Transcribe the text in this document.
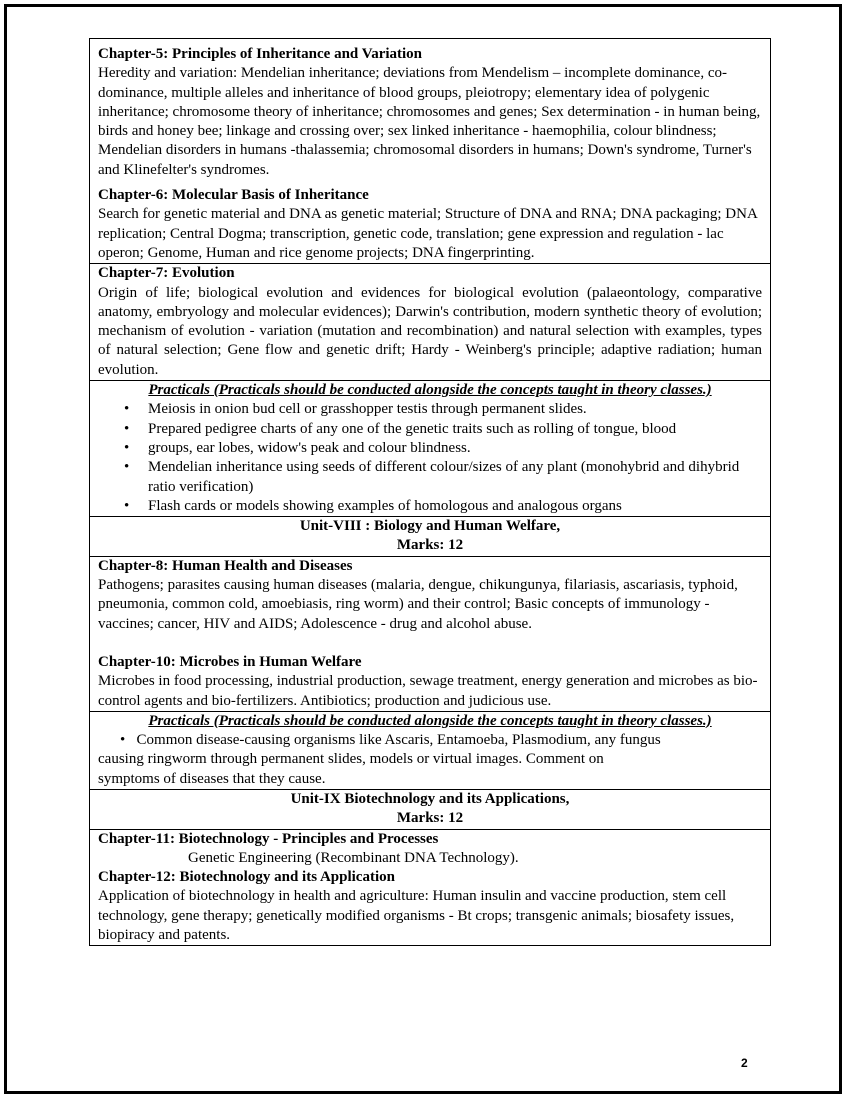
Chapter-5: Principles of Inheritance and Variation
Heredity and variation: Mendelian inheritance; deviations from Mendelism – incomplete dominance, co-dominance, multiple alleles and inheritance of blood groups, pleiotropy; elementary idea of polygenic inheritance; chromosome theory of inheritance; chromosomes and genes; Sex determination - in human being, birds and honey bee; linkage and crossing over; sex linked inheritance - haemophilia, colour blindness; Mendelian disorders in humans -thalassemia; chromosomal disorders in humans; Down's syndrome, Turner's and Klinefelter's syndromes.
Chapter-6: Molecular Basis of Inheritance
Search for genetic material and DNA as genetic material; Structure of DNA and RNA; DNA packaging; DNA replication; Central Dogma; transcription, genetic code, translation; gene expression and regulation - lac operon; Genome, Human and rice genome projects; DNA fingerprinting.

Chapter-7: Evolution
Origin of life; biological evolution and evidences for biological evolution (palaeontology, comparative anatomy, embryology and molecular evidences); Darwin's contribution, modern synthetic theory of evolution; mechanism of evolution - variation (mutation and recombination) and natural selection with examples, types of natural selection; Gene flow and genetic drift; Hardy - Weinberg's principle; adaptive radiation; human evolution.

Practicals (Practicals should be conducted alongside the concepts taught in theory classes.)
• Meiosis in onion bud cell or grasshopper testis through permanent slides.
• Prepared pedigree charts of any one of the genetic traits such as rolling of tongue, blood
• groups, ear lobes, widow's peak and colour blindness.
• Mendelian inheritance using seeds of different colour/sizes of any plant (monohybrid and dihybrid ratio verification)
• Flash cards or models showing examples of homologous and analogous organs

Unit-VIII : Biology and Human Welfare,
Marks: 12

Chapter-8: Human Health and Diseases
Pathogens; parasites causing human diseases (malaria, dengue, chikungunya, filariasis, ascariasis, typhoid, pneumonia, common cold, amoebiasis, ring worm) and their control; Basic concepts of immunology - vaccines; cancer, HIV and AIDS; Adolescence - drug and alcohol abuse.
Chapter-10: Microbes in Human Welfare
Microbes in food processing, industrial production, sewage treatment, energy generation and microbes as bio-control agents and bio-fertilizers. Antibiotics; production and judicious use.

Practicals (Practicals should be conducted alongside the concepts taught in theory classes.)
•   Common disease-causing organisms like Ascaris, Entamoeba, Plasmodium, any fungus
causing ringworm through permanent slides, models or virtual images. Comment on
symptoms of diseases that they cause.

Unit-IX Biotechnology and its Applications,
Marks: 12

Chapter-11: Biotechnology - Principles and Processes
Genetic Engineering (Recombinant DNA Technology).
Chapter-12: Biotechnology and its Application
Application of biotechnology in health and agriculture: Human insulin and vaccine production, stem cell technology, gene therapy; genetically modified organisms - Bt crops; transgenic animals; biosafety issues, biopiracy and patents.
2
